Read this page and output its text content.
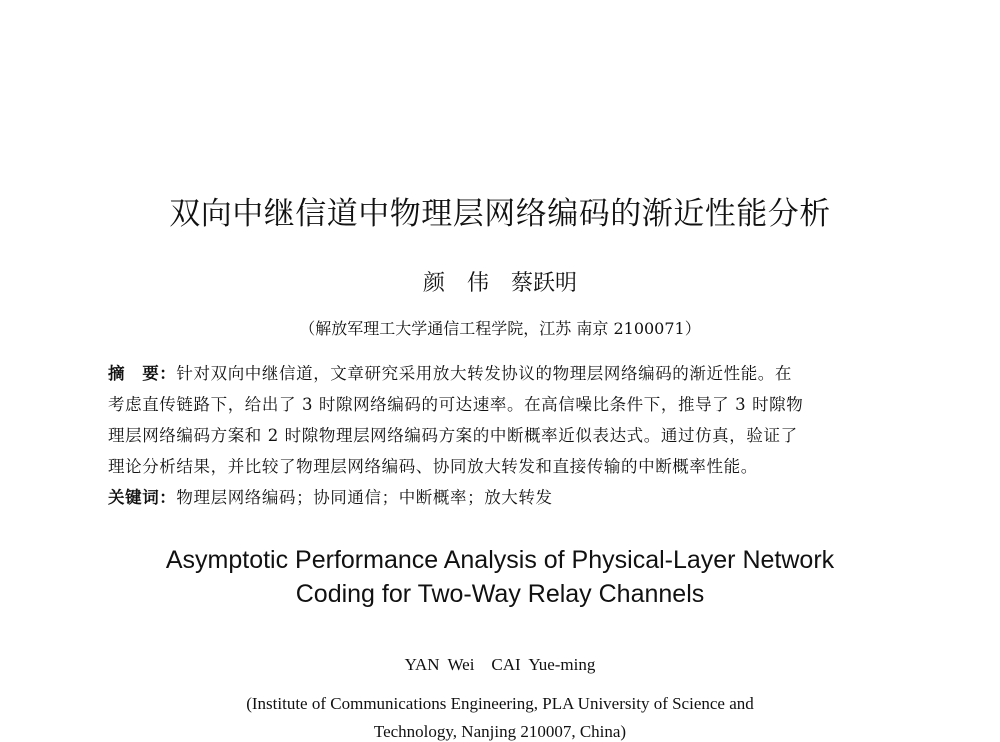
双向中继信道中物理层网络编码的渐近性能分析
颜　伟　蔡跃明
（解放军理工大学通信工程学院，江苏 南京 2100071）
摘　要：针对双向中继信道，文章研究采用放大转发协议的物理层网络编码的渐近性能。在
考虑直传链路下，给出了 3 时隙网络编码的可达速率。在高信噪比条件下，推导了 3 时隙物
理层网络编码方案和 2 时隙物理层网络编码方案的中断概率近似表达式。通过仿真，验证了
理论分析结果，并比较了物理层网络编码、协同放大转发和直接传输的中断概率性能。
关键词：物理层网络编码；协同通信；中断概率；放大转发
Asymptotic Performance Analysis of Physical-Layer Network
Coding for Two-Way Relay Channels
YAN Wei　CAI Yue-ming
(Institute of Communications Engineering, PLA University of Science and
Technology, Nanjing 210007, China)
